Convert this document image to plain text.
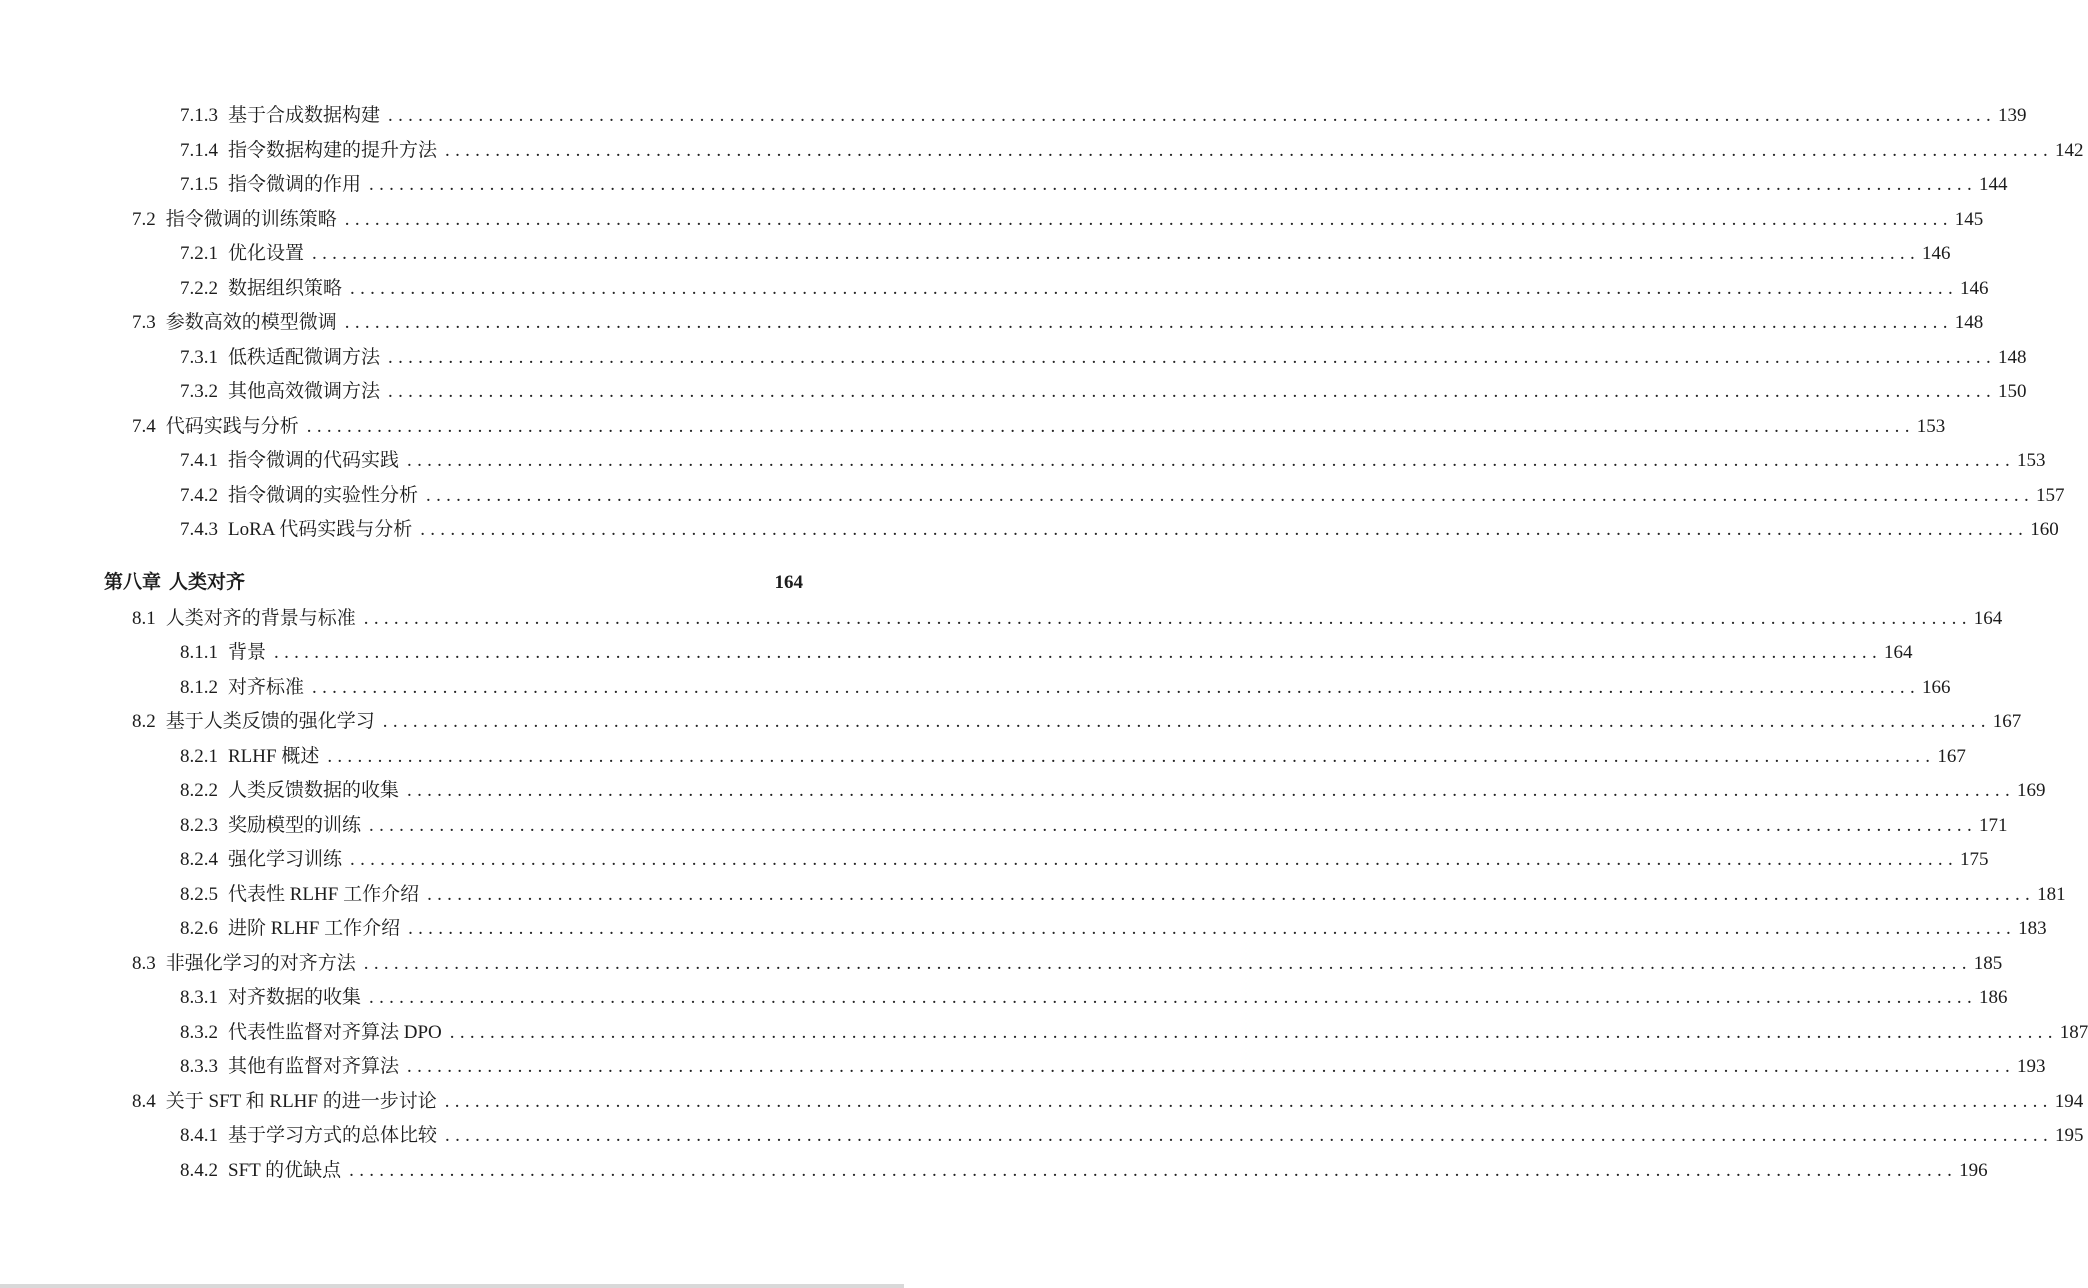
7.1.3 基于合成数据构建 ................................................................................................................................................................ 139
7.1.4 指令数据构建的提升方法 ................................................................................................................................................................ 142
7.1.5 指令微调的作用 ................................................................................................................................................................ 144
7.2 指令微调的训练策略 ................................................................................................................................................................ 145
7.2.1 优化设置 ................................................................................................................................................................ 146
7.2.2 数据组织策略 ................................................................................................................................................................ 146
7.3 参数高效的模型微调 ................................................................................................................................................................ 148
7.3.1 低秩适配微调方法 ................................................................................................................................................................ 148
7.3.2 其他高效微调方法 ................................................................................................................................................................ 150
7.4 代码实践与分析 ................................................................................................................................................................ 153
7.4.1 指令微调的代码实践 ................................................................................................................................................................ 153
7.4.2 指令微调的实验性分析 ................................................................................................................................................................ 157
7.4.3 LoRA 代码实践与分析 ................................................................................................................................................................ 160
第八章 人类对齐	164
8.1 人类对齐的背景与标准 ................................................................................................................................................................ 164
8.1.1 背景 ................................................................................................................................................................ 164
8.1.2 对齐标准 ................................................................................................................................................................ 166
8.2 基于人类反馈的强化学习 ................................................................................................................................................................ 167
8.2.1 RLHF 概述 ................................................................................................................................................................ 167
8.2.2 人类反馈数据的收集 ................................................................................................................................................................ 169
8.2.3 奖励模型的训练 ................................................................................................................................................................ 171
8.2.4 强化学习训练 ................................................................................................................................................................ 175
8.2.5 代表性 RLHF 工作介绍 ................................................................................................................................................................ 181
8.2.6 进阶 RLHF 工作介绍 ................................................................................................................................................................ 183
8.3 非强化学习的对齐方法 ................................................................................................................................................................ 185
8.3.1 对齐数据的收集 ................................................................................................................................................................ 186
8.3.2 代表性监督对齐算法 DPO ................................................................................................................................................................ 187
8.3.3 其他有监督对齐算法 ................................................................................................................................................................ 193
8.4 关于 SFT 和 RLHF 的进一步讨论 ................................................................................................................................................................ 194
8.4.1 基于学习方式的总体比较 ................................................................................................................................................................ 195
8.4.2 SFT 的优缺点 ................................................................................................................................................................ 196
